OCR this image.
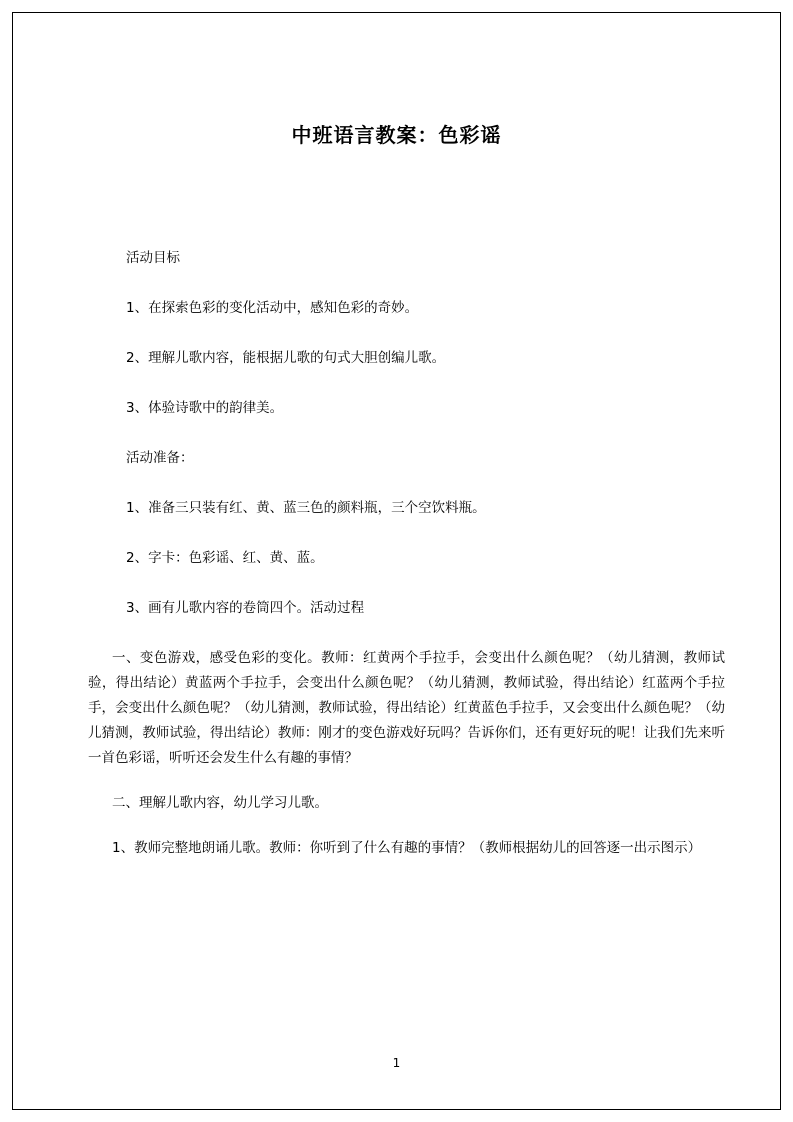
中班语言教案：色彩谣

活动目标

1、在探索色彩的变化活动中，感知色彩的奇妙。

2、理解儿歌内容，能根据儿歌的句式大胆创编儿歌。

3、体验诗歌中的韵律美。

活动准备：

1、准备三只装有红、黄、蓝三色的颜料瓶，三个空饮料瓶。

2、字卡：色彩谣、红、黄、蓝。

3、画有儿歌内容的卷筒四个。活动过程

一、变色游戏，感受色彩的变化。教师：红黄两个手拉手，会变出什么颜色呢？（幼儿猜测，教师试验，得出结论）黄蓝两个手拉手，会变出什么颜色呢？（幼儿猜测，教师试验，得出结论）红蓝两个手拉手，会变出什么颜色呢？（幼儿猜测，教师试验，得出结论）红黄蓝色手拉手，又会变出什么颜色呢？（幼儿猜测，教师试验，得出结论）教师：刚才的变色游戏好玩吗？告诉你们，还有更好玩的呢！让我们先来听一首色彩谣，听听还会发生什么有趣的事情？

二、理解儿歌内容，幼儿学习儿歌。

1、教师完整地朗诵儿歌。教师：你听到了什么有趣的事情？（教师根据幼儿的回答逐一出示图示）

1
